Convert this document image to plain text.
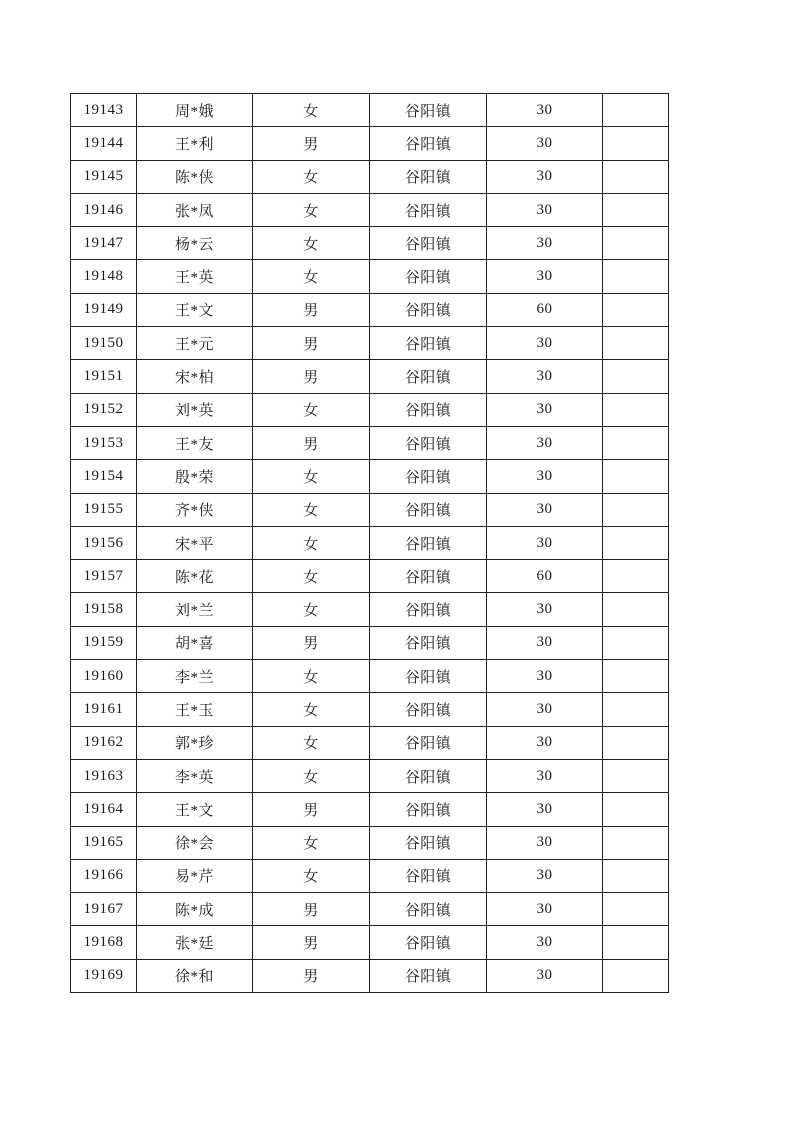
19143	周*娥	女	谷阳镇	30	
19144	王*利	男	谷阳镇	30	
19145	陈*侠	女	谷阳镇	30	
19146	张*凤	女	谷阳镇	30	
19147	杨*云	女	谷阳镇	30	
19148	王*英	女	谷阳镇	30	
19149	王*文	男	谷阳镇	60	
19150	王*元	男	谷阳镇	30	
19151	宋*柏	男	谷阳镇	30	
19152	刘*英	女	谷阳镇	30	
19153	王*友	男	谷阳镇	30	
19154	殷*荣	女	谷阳镇	30	
19155	齐*侠	女	谷阳镇	30	
19156	宋*平	女	谷阳镇	30	
19157	陈*花	女	谷阳镇	60	
19158	刘*兰	女	谷阳镇	30	
19159	胡*喜	男	谷阳镇	30	
19160	李*兰	女	谷阳镇	30	
19161	王*玉	女	谷阳镇	30	
19162	郭*珍	女	谷阳镇	30	
19163	李*英	女	谷阳镇	30	
19164	王*文	男	谷阳镇	30	
19165	徐*会	女	谷阳镇	30	
19166	易*芹	女	谷阳镇	30	
19167	陈*成	男	谷阳镇	30	
19168	张*廷	男	谷阳镇	30	
19169	徐*和	男	谷阳镇	30	
